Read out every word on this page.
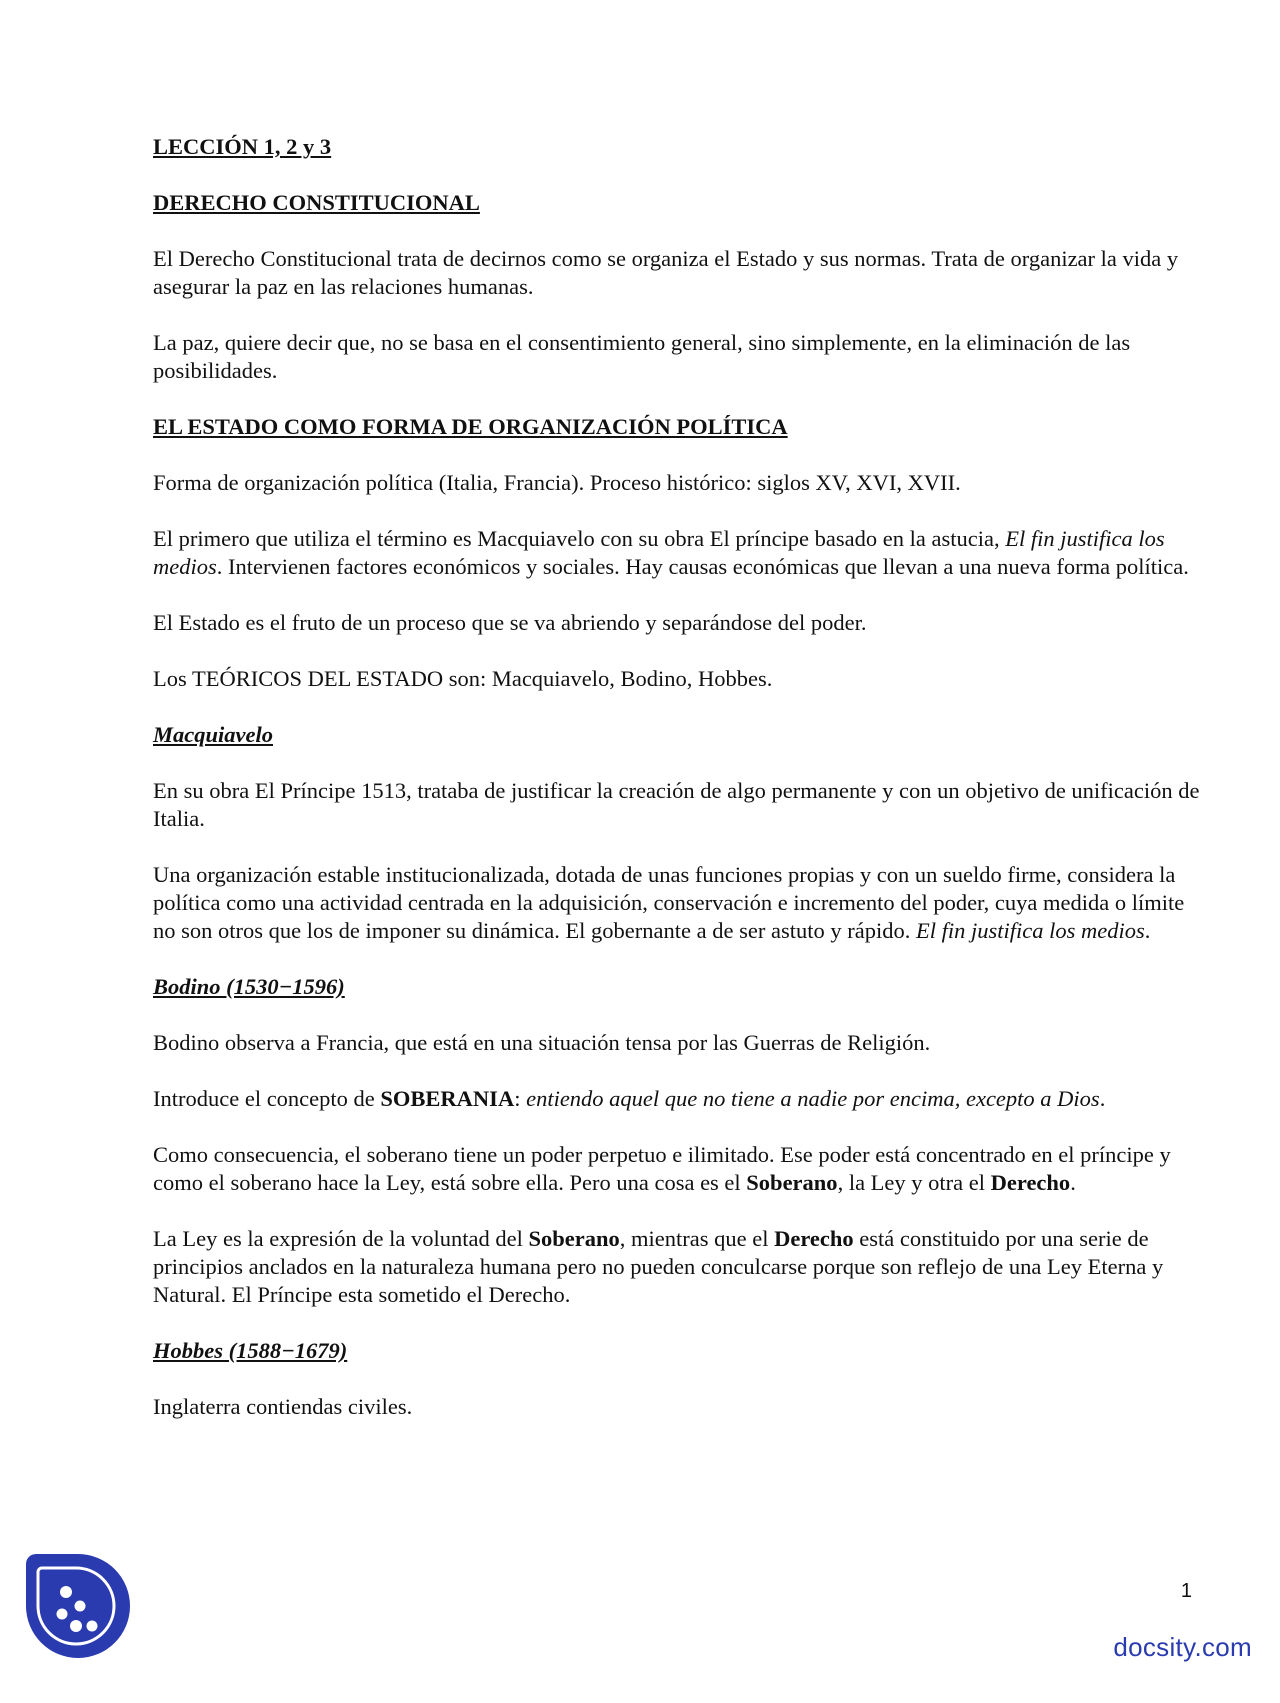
LECCIÓN 1, 2 y 3
DERECHO CONSTITUCIONAL

El Derecho Constitucional trata de decirnos como se organiza el Estado y sus normas. Trata de organizar la vida y asegurar la paz en las relaciones humanas.

La paz, quiere decir que, no se basa en el consentimiento general, sino simplemente, en la eliminación de las posibilidades.

EL ESTADO COMO FORMA DE ORGANIZACIÓN POLÍTICA

Forma de organización política (Italia, Francia). Proceso histórico: siglos XV, XVI, XVII.

El primero que utiliza el término es Macquiavelo con su obra El príncipe basado en la astucia, El fin justifica los medios. Intervienen factores económicos y sociales. Hay causas económicas que llevan a una nueva forma política.

El Estado es el fruto de un proceso que se va abriendo y separándose del poder.

Los TEÓRICOS DEL ESTADO son: Macquiavelo, Bodino, Hobbes.

Macquiavelo

En su obra El Príncipe 1513, trataba de justificar la creación de algo permanente y con un objetivo de unificación de Italia.

Una organización estable institucionalizada, dotada de unas funciones propias y con un sueldo firme, considera la política como una actividad centrada en la adquisición, conservación e incremento del poder, cuya medida o límite no son otros que los de imponer su dinámica. El gobernante a de ser astuto y rápido. El fin justifica los medios.

Bodino (1530−1596)

Bodino observa a Francia, que está en una situación tensa por las Guerras de Religión.

Introduce el concepto de SOBERANIA: entiendo aquel que no tiene a nadie por encima, excepto a Dios.

Como consecuencia, el soberano tiene un poder perpetuo e ilimitado. Ese poder está concentrado en el príncipe y como el soberano hace la Ley, está sobre ella. Pero una cosa es el Soberano, la Ley y otra el Derecho.

La Ley es la expresión de la voluntad del Soberano, mientras que el Derecho está constituido por una serie de principios anclados en la naturaleza humana pero no pueden conculcarse porque son reflejo de una Ley Eterna y Natural. El Príncipe esta sometido el Derecho.

Hobbes (1588−1679)

Inglaterra contiendas civiles.

1
docsity.com
